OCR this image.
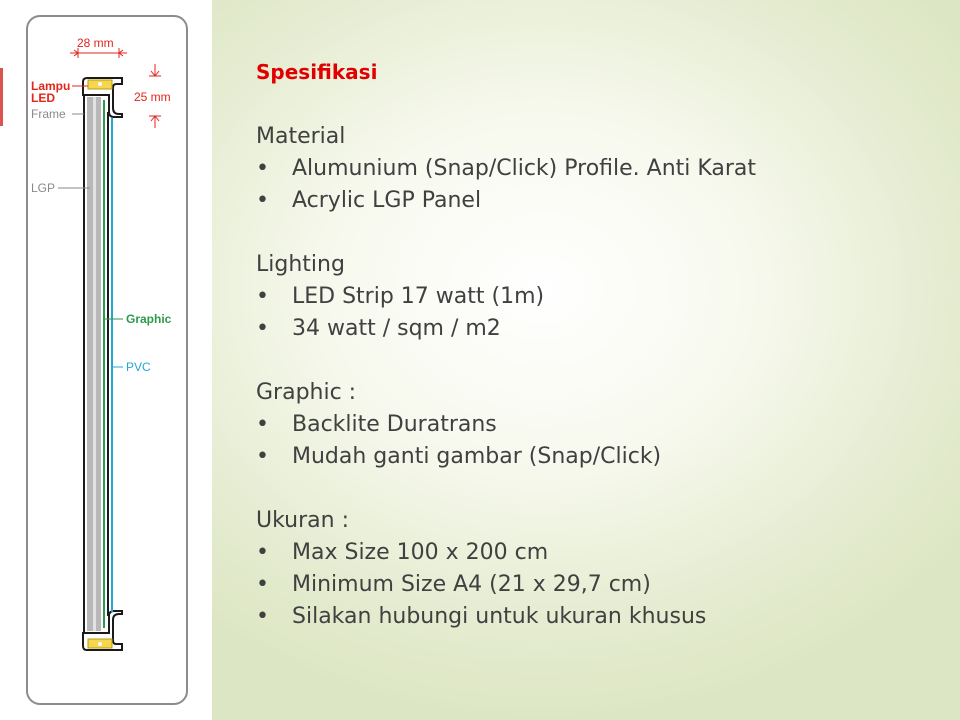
28 mm
25 mm
Lampu
LED
Frame
LGP
Graphic
PVC
Spesifikasi
Material
• Alumunium (Snap/Click) Profile. Anti Karat
• Acrylic LGP Panel
Lighting
• LED Strip 17 watt (1m)
• 34 watt / sqm / m2
Graphic :
• Backlite Duratrans
• Mudah ganti gambar (Snap/Click)
Ukuran :
• Max Size 100 x 200 cm
• Minimum Size A4 (21 x 29,7 cm)
• Silakan hubungi untuk ukuran khusus
